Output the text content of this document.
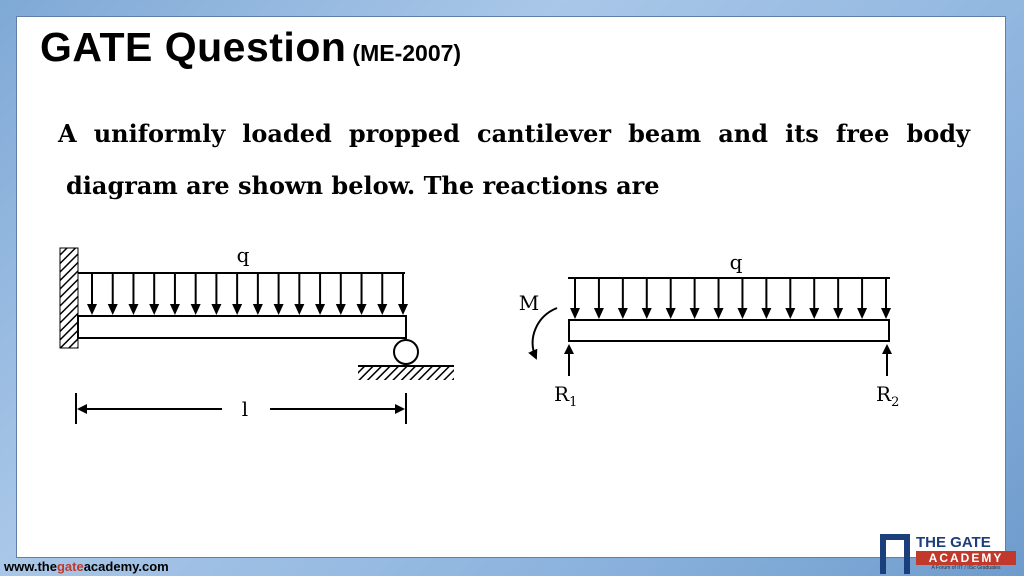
GATE Question (ME-2007)
A uniformly loaded propped cantilever beam and its free body
diagram are shown below. The reactions are
q
l
q
M
$R_1$	$R_2$
www.thegateacademy.com
THE GATE
ACADEMY
A Forum of IIT / IISc Graduates
